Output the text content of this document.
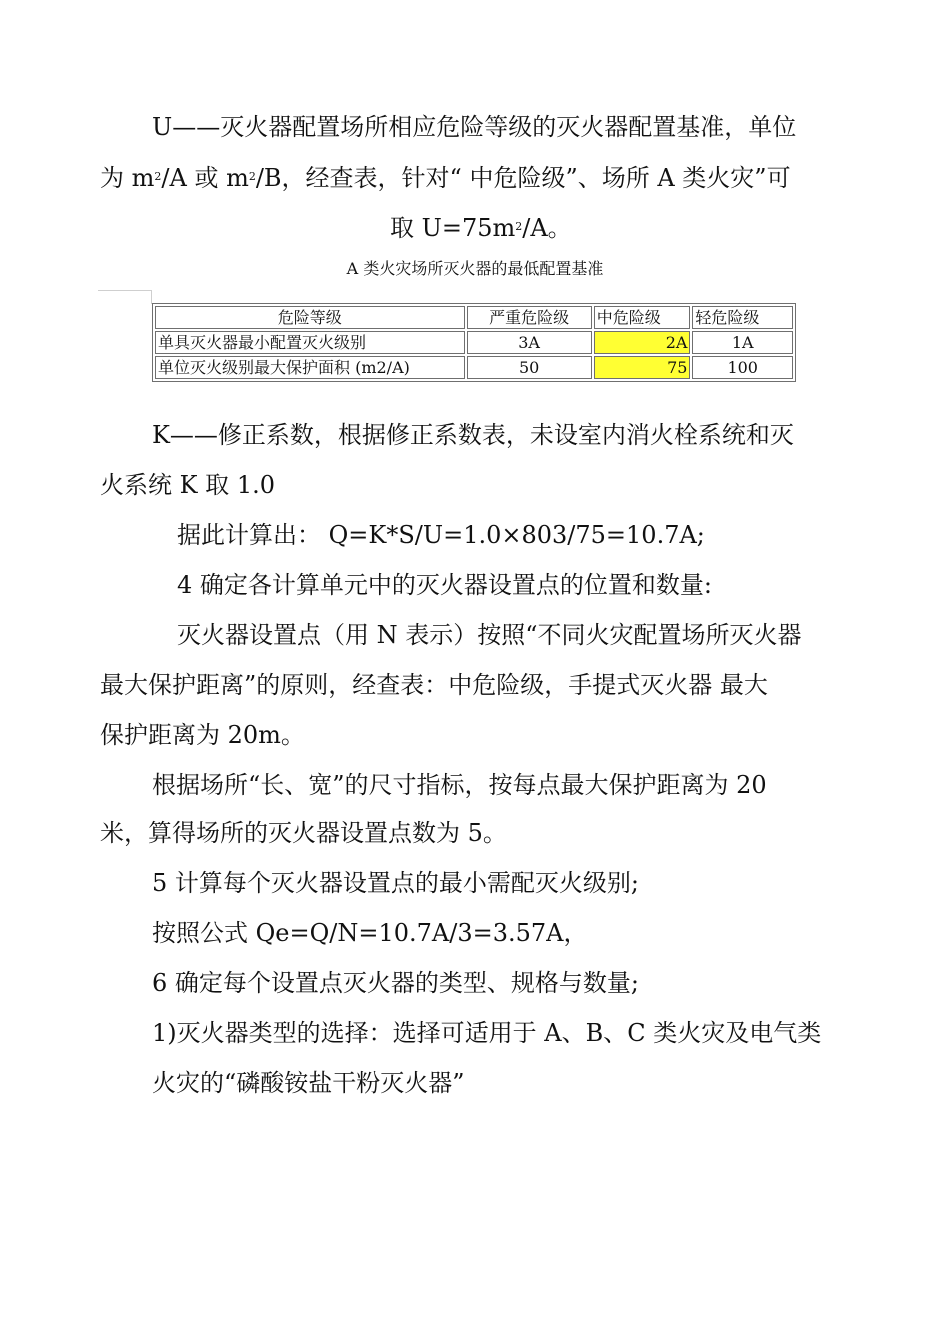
U——灭火器配置场所相应危险等级的灭火器配置基准，单位
为 $m^2/A$ 或 $m^2/B$，经查表，针对“ 中危险级”、场所 A 类火灾”可
取 $U=75m^2/A$。
A 类火灾场所灭火器的最低配置基准
危险等级	严重危险级	中危险级	轻危险级
单具灭火器最小配置灭火级别	3A	2A	1A
单位灭火级别最大保护面积 (m2/A)	50	75	100
K——修正系数，根据修正系数表，未设室内消火栓系统和灭
火系统 K 取 1.0
据此计算出： Q=K*S/U=1.0×803/75=10.7A;
4 确定各计算单元中的灭火器设置点的位置和数量:
灭火器设置点（用 N 表示）按照“不同火灾配置场所灭火器
最大保护距离”的原则，经查表：中危险级，手提式灭火器 最大
保护距离为 20m。
根据场所“长、宽”的尺寸指标，按每点最大保护距离为 20
米，算得场所的灭火器设置点数为 5。
5 计算每个灭火器设置点的最小需配灭火级别;
按照公式 Qe=Q/N=10.7A/3=3.57A，
6 确定每个设置点灭火器的类型、规格与数量;
1)灭火器类型的选择：选择可适用于 A、B、C 类火灾及电气类
火灾的“磷酸铵盐干粉灭火器”
